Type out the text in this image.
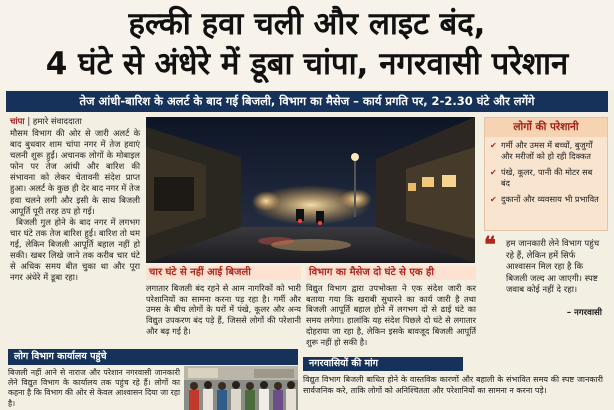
हल्की हवा चली और लाइट बंद,
4 घंटे से अंधेरे में डूबा चांपा, नगरवासी परेशान
तेज आंधी-बारिश के अलर्ट के बाद गई बिजली, विभाग का मैसेज – कार्य प्रगति पर, 2-2.30 घंटे और लगेंगे
चांपा | हमारे संवाददाता

मौसम विभाग की ओर से जारी अलर्ट के बाद बुधवार शाम चांपा नगर में तेज हवाएं चलनी शुरू हुईं। अचानक लोगों के मोबाइल फोन पर तेज आंधी और बारिश की संभावना को लेकर चेतावनी संदेश प्राप्त हुआ। अलर्ट के कुछ ही देर बाद नगर में तेज हवा चलने लगी और इसी के साथ बिजली आपूर्ति पूरी तरह ठप हो गई।

बिजली गुल होने के बाद नगर में लगभग चार घंटे तक तेज बारिश हुई। बारिश तो थम गई, लेकिन बिजली आपूर्ति बहाल नहीं हो सकी। खबर लिखे जाने तक करीब चार घंटे से अधिक समय बीत चुका था और पूरा नगर अंधेरे में डूबा रहा।

लोगों की परेशानी
✔ गर्मी और उमस में बच्चों, बुजुर्गों और मरीजों को हो रही दिक्कत
✔ पंखे, कूलर, पानी की मोटर सब बंद
✔ दुकानों और व्यवसाय भी प्रभावित
❝ हम जानकारी लेने विभाग पहुंच रहे हैं, लेकिन हमें सिर्फ आश्वासन मिल रहा है कि बिजली जल्द आ जाएगी। स्पष्ट जवाब कोई नहीं दे रहा।
– नगरवासी
चार घंटे से नहीं आई बिजली
लगातार बिजली बंद रहने से आम नागरिकों को भारी परेशानियों का सामना करना पड़ रहा है। गर्मी और उमस के बीच लोगों के घरों में पंखे, कूलर और अन्य विद्युत उपकरण बंद पड़े हैं, जिससे लोगों की परेशानी और बढ़ गई है।
विभाग का मैसेज दो घंटे से एक ही
विद्युत विभाग द्वारा उपभोक्ता ने एक संदेश जारी कर बताया गया कि खराबी सुधारने का कार्य जारी है तथा बिजली आपूर्ति बहाल होने में लगभग दो से ढाई घंटे का समय लगेगा। हालांकि यह संदेश पिछले दो घंटे से लगातार दोहराया जा रहा है, लेकिन इसके बावजूद बिजली आपूर्ति शुरू नहीं हो सकी है।
लोग विभाग कार्यालय पहुंचे
बिजली नहीं आने से नाराज और परेशान नगरवासी जानकारी लेने विद्युत विभाग के कार्यालय तक पहुंच रहे हैं। लोगों का कहना है कि विभाग की ओर से केवल आश्वासन दिया जा रहा है।
नगरवासियों की मांग
विद्युत विभाग बिजली बाधित होने के वास्तविक कारणों और बहाली के संभावित समय की स्पष्ट जानकारी सार्वजनिक करे, ताकि लोगों को अनिश्चितता और परेशानियों का सामना न करना पड़े।
